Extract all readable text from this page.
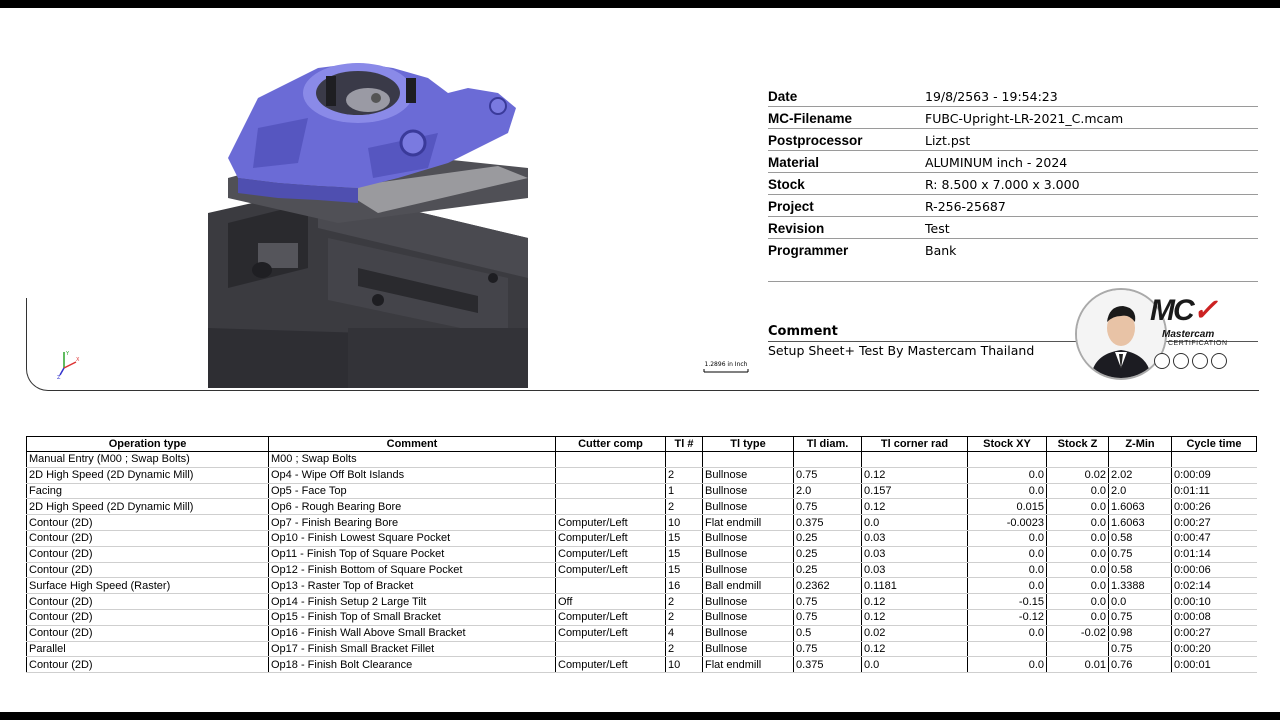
Y
X
Z
1.2896 in Inch
Date	19/8/2563 - 19:54:23
MC-Filename	FUBC-Upright-LR-2021_C.mcam
Postprocessor	Lizt.pst
Material	ALUMINUM inch - 2024
Stock	R: 8.500 x 7.000 x 3.000
Project	R-256-25687
Revision	Test
Programmer	Bank
Comment
Setup Sheet+ Test By Mastercam Thailand
MC✓
Mastercam
CERTIFICATION
Operation type	Comment	Cutter comp	Tl #	Tl type	Tl diam.	Tl corner rad	Stock XY	Stock Z	Z-Min	Cycle time
Manual Entry (M00 ; Swap Bolts)	M00 ; Swap Bolts									
2D High Speed (2D Dynamic Mill)	Op4 - Wipe Off Bolt Islands		2	Bullnose	0.75	0.12	0.0	0.02	2.02	0:00:09
Facing	Op5 - Face Top		1	Bullnose	2.0	0.157	0.0	0.0	2.0	0:01:11
2D High Speed (2D Dynamic Mill)	Op6 - Rough Bearing Bore		2	Bullnose	0.75	0.12	0.015	0.0	1.6063	0:00:26
Contour (2D)	Op7 - Finish Bearing Bore	Computer/Left	10	Flat endmill	0.375	0.0	-0.0023	0.0	1.6063	0:00:27
Contour (2D)	Op10 - Finish Lowest Square Pocket	Computer/Left	15	Bullnose	0.25	0.03	0.0	0.0	0.58	0:00:47
Contour (2D)	Op11 - Finish Top of Square Pocket	Computer/Left	15	Bullnose	0.25	0.03	0.0	0.0	0.75	0:01:14
Contour (2D)	Op12 - Finish Bottom of Square Pocket	Computer/Left	15	Bullnose	0.25	0.03	0.0	0.0	0.58	0:00:06
Surface High Speed (Raster)	Op13 - Raster Top of Bracket		16	Ball endmill	0.2362	0.1181	0.0	0.0	1.3388	0:02:14
Contour (2D)	Op14 - Finish Setup 2 Large Tilt	Off	2	Bullnose	0.75	0.12	-0.15	0.0	0.0	0:00:10
Contour (2D)	Op15 - Finish Top of Small Bracket	Computer/Left	2	Bullnose	0.75	0.12	-0.12	0.0	0.75	0:00:08
Contour (2D)	Op16 - Finish Wall Above Small Bracket	Computer/Left	4	Bullnose	0.5	0.02	0.0	-0.02	0.98	0:00:27
Parallel	Op17 - Finish Small Bracket Fillet		2	Bullnose	0.75	0.12			0.75	0:00:20
Contour (2D)	Op18 - Finish Bolt Clearance	Computer/Left	10	Flat endmill	0.375	0.0	0.0	0.01	0.76	0:00:01
